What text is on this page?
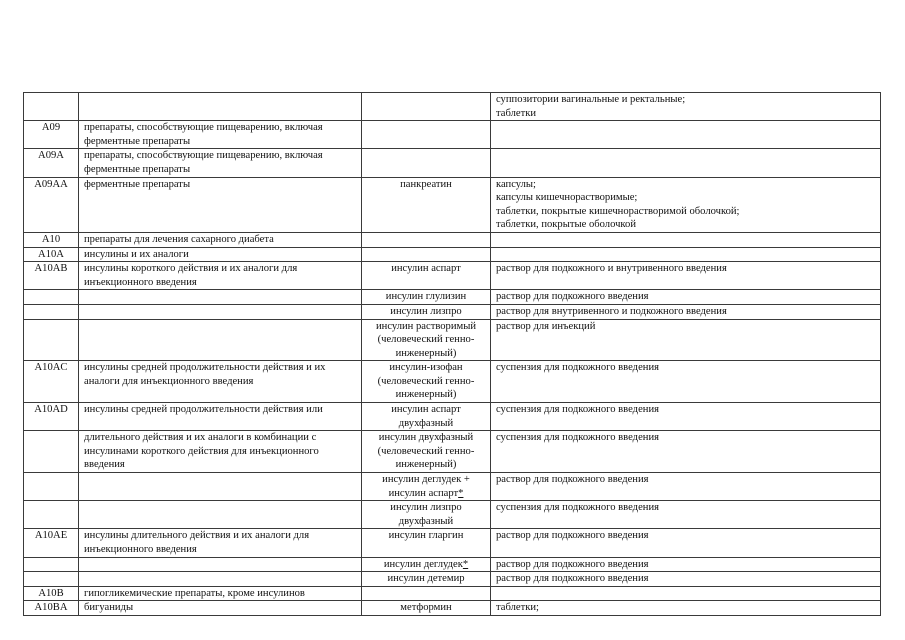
			суппозитории вагинальные и ректальные;
таблетки

A09	препараты, способствующие пищеварению, включая ферментные препараты		
A09A	препараты, способствующие пищеварению, включая ферментные препараты		
A09AA	ферментные препараты	панкреатин	капсулы;
капсулы кишечнорастворимые;
таблетки, покрытые кишечнорастворимой оболочкой;
таблетки, покрытые оболочкой

A10	препараты для лечения сахарного диабета		
A10A	инсулины и их аналоги		
A10AB	инсулины короткого действия и их аналоги для инъекционного введения	инсулин аспарт	раствор для подкожного и внутривенного введения

		инсулин глулизин	раствор для подкожного введения

		инсулин лизпро	раствор для внутривенного и подкожного введения

		инсулин растворимый (человеческий генно-инженерный)	раствор для инъекций

A10AC	инсулины средней продолжительности действия и их аналоги для инъекционного введения	инсулин-изофан (человеческий генно-инженерный)	суспензия для подкожного введения

A10AD	инсулины средней продолжительности действия или	инсулин аспарт двухфазный	суспензия для подкожного введения

	длительного действия и их аналоги в комбинации с инсулинами короткого действия для инъекционного введения	инсулин двухфазный (человеческий генно-инженерный)	суспензия для подкожного введения

		инсулин деглудек + инсулин аспарт*	раствор для подкожного введения

		инсулин лизпро двухфазный	суспензия для подкожного введения

A10AE	инсулины длительного действия и их аналоги для инъекционного введения	инсулин гларгин	раствор для подкожного введения

		инсулин деглудек*	раствор для подкожного введения

		инсулин детемир	раствор для подкожного введения

A10B	гипогликемические препараты, кроме инсулинов		
A10BA	бигуаниды	метформин	таблетки;
